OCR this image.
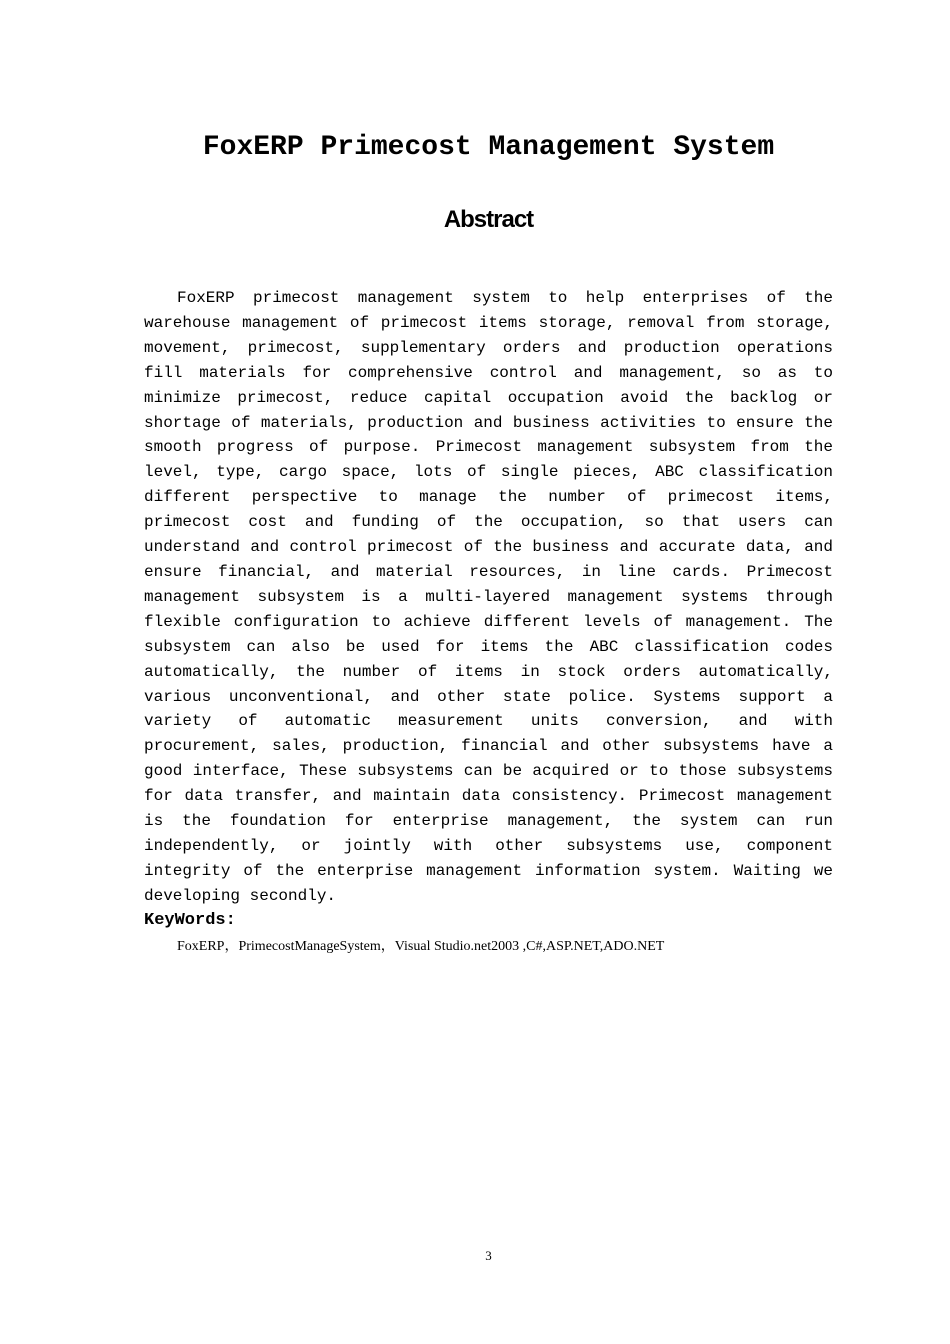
FoxERP Primecost Management System
Abstract

FoxERP primecost management system to help enterprises of the warehouse management of primecost items storage, removal from storage, movement, primecost, supplementary orders and production operations fill materials for comprehensive control and management, so as to minimize primecost, reduce capital occupation avoid the backlog or shortage of materials, production and business activities to ensure the smooth progress of purpose. Primecost management subsystem from the level, type, cargo space, lots of single pieces, ABC classification different perspective to manage the number of primecost items, primecost cost and funding of the occupation, so that users can understand and control primecost of the business and accurate data, and ensure financial, and material resources, in line cards. Primecost management subsystem is a multi-layered management systems through flexible configuration to achieve different levels of management. The subsystem can also be used for items the ABC classification codes automatically, the number of items in stock orders automatically, various unconventional, and other state police. Systems support a variety of automatic measurement units conversion, and with procurement, sales, production, financial and other subsystems have a good interface, These subsystems can be acquired or to those subsystems for data transfer, and maintain data consistency. Primecost management is the foundation for enterprise management, the system can run independently, or jointly with other subsystems use, component integrity of the enterprise management information system. Waiting we developing secondly.

KeyWords:
FoxERP，PrimecostManageSystem，Visual Studio.net2003 ,C#,ASP.NET,ADO.NET
3
